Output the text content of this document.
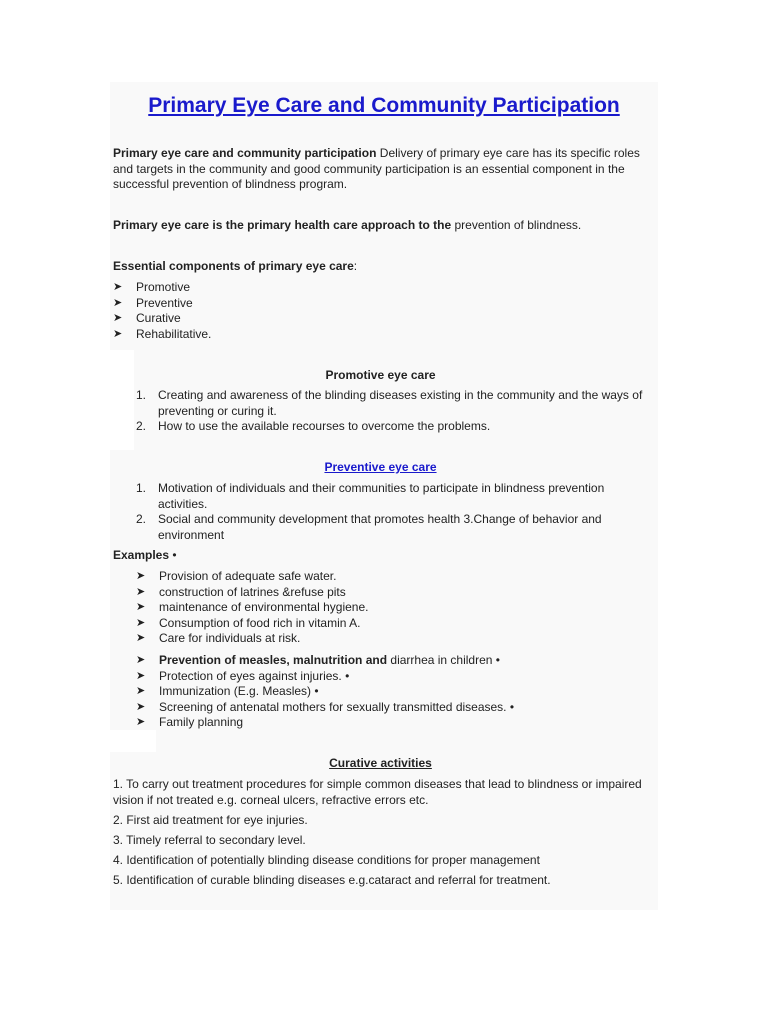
Primary Eye Care and Community Participation
Primary eye care and community participation Delivery of primary eye care has its specific roles and targets in the community and good community participation is an essential component in the successful prevention of blindness program.
Primary eye care is the primary health care approach to the prevention of blindness.
Essential components of primary eye care:
➤ Promotive
➤ Preventive
➤ Curative
➤ Rehabilitative.
Promotive eye care
1. Creating and awareness of the blinding diseases existing in the community and the ways of preventing or curing it.
2. How to use the available recourses to overcome the problems.
Preventive eye care
1. Motivation of individuals and their communities to participate in blindness prevention activities.
2. Social and community development that promotes health 3.Change of behavior and environment
Examples •
➤ Provision of adequate safe water.
➤ construction of latrines &refuse pits
➤ maintenance of environmental hygiene.
➤ Consumption of food rich in vitamin A.
➤ Care for individuals at risk.
➤ Prevention of measles, malnutrition and diarrhea in children •
➤ Protection of eyes against injuries. •
➤ Immunization (E.g. Measles) •
➤ Screening of antenatal mothers for sexually transmitted diseases. •
➤ Family planning
Curative activities
1. To carry out treatment procedures for simple common diseases that lead to blindness or impaired vision if not treated e.g. corneal ulcers, refractive errors etc.
2. First aid treatment for eye injuries.
3. Timely referral to secondary level.
4. Identification of potentially blinding disease conditions for proper management
5. Identification of curable blinding diseases e.g.cataract and referral for treatment.
